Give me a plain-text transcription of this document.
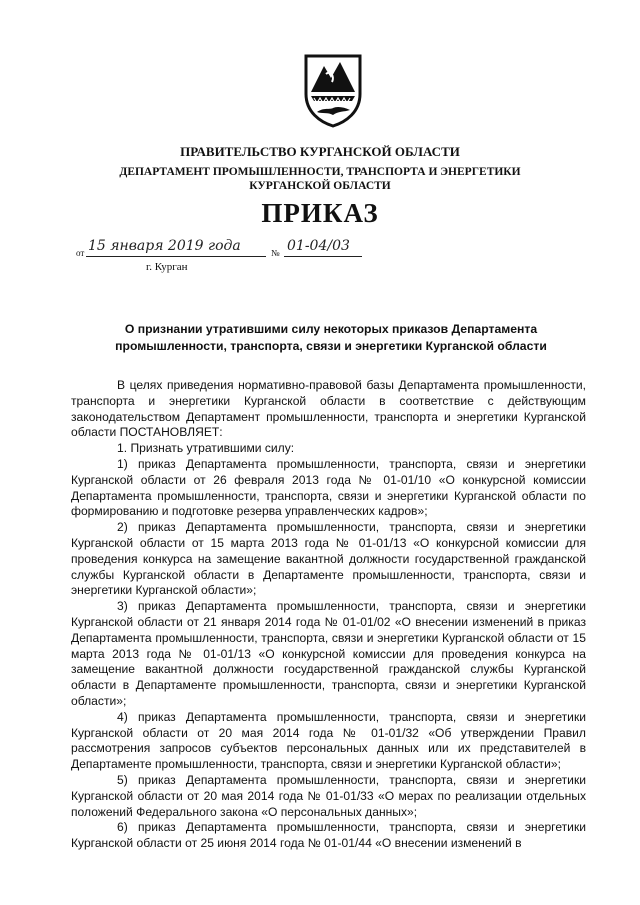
ПРАВИТЕЛЬСТВО КУРГАНСКОЙ ОБЛАСТИ
ДЕПАРТАМЕНТ ПРОМЫШЛЕННОСТИ, ТРАНСПОРТА И ЭНЕРГЕТИКИ
КУРГАНСКОЙ ОБЛАСТИ
ПРИКАЗ
от 15 января 2019 года	№ 01-04/03
г. Курган
О признании утратившими силу некоторых приказов Департамента промышленности, транспорта, связи и энергетики Курганской области

В целях приведения нормативно-правовой базы Департамента промышленности, транспорта и энергетики Курганской области в соответствие с действующим законодательством Департамент промышленности, транспорта и энергетики Курганской области ПОСТАНОВЛЯЕТ:

1. Признать утратившими силу:

1) приказ Департамента промышленности, транспорта, связи и энергетики Курганской области от 26 февраля 2013 года № 01-01/10 «О конкурсной комиссии Департамента промышленности, транспорта, связи и энергетики Курганской области по формированию и подготовке резерва управленческих кадров»;

2) приказ Департамента промышленности, транспорта, связи и энергетики Курганской области от 15 марта 2013 года № 01-01/13 «О конкурсной комиссии для проведения конкурса на замещение вакантной должности государственной гражданской службы Курганской области в Департаменте промышленности, транспорта, связи и энергетики Курганской области»;

3) приказ Департамента промышленности, транспорта, связи и энергетики Курганской области от 21 января 2014 года № 01-01/02 «О внесении изменений в приказ Департамента промышленности, транспорта, связи и энергетики Курганской области от 15 марта 2013 года № 01-01/13 «О конкурсной комиссии для проведения конкурса на замещение вакантной должности государственной гражданской службы Курганской области в Департаменте промышленности, транспорта, связи и энергетики Курганской области»;

4) приказ Департамента промышленности, транспорта, связи и энергетики Курганской области от 20 мая 2014 года № 01-01/32 «Об утверждении Правил рассмотрения запросов субъектов персональных данных или их представителей в Департаменте промышленности, транспорта, связи и энергетики Курганской области»;

5) приказ Департамента промышленности, транспорта, связи и энергетики Курганской области от 20 мая 2014 года № 01-01/33 «О мерах по реализации отдельных положений Федерального закона «О персональных данных»;

6) приказ Департамента промышленности, транспорта, связи и энергетики Курганской области от 25 июня 2014 года № 01-01/44 «О внесении изменений в
